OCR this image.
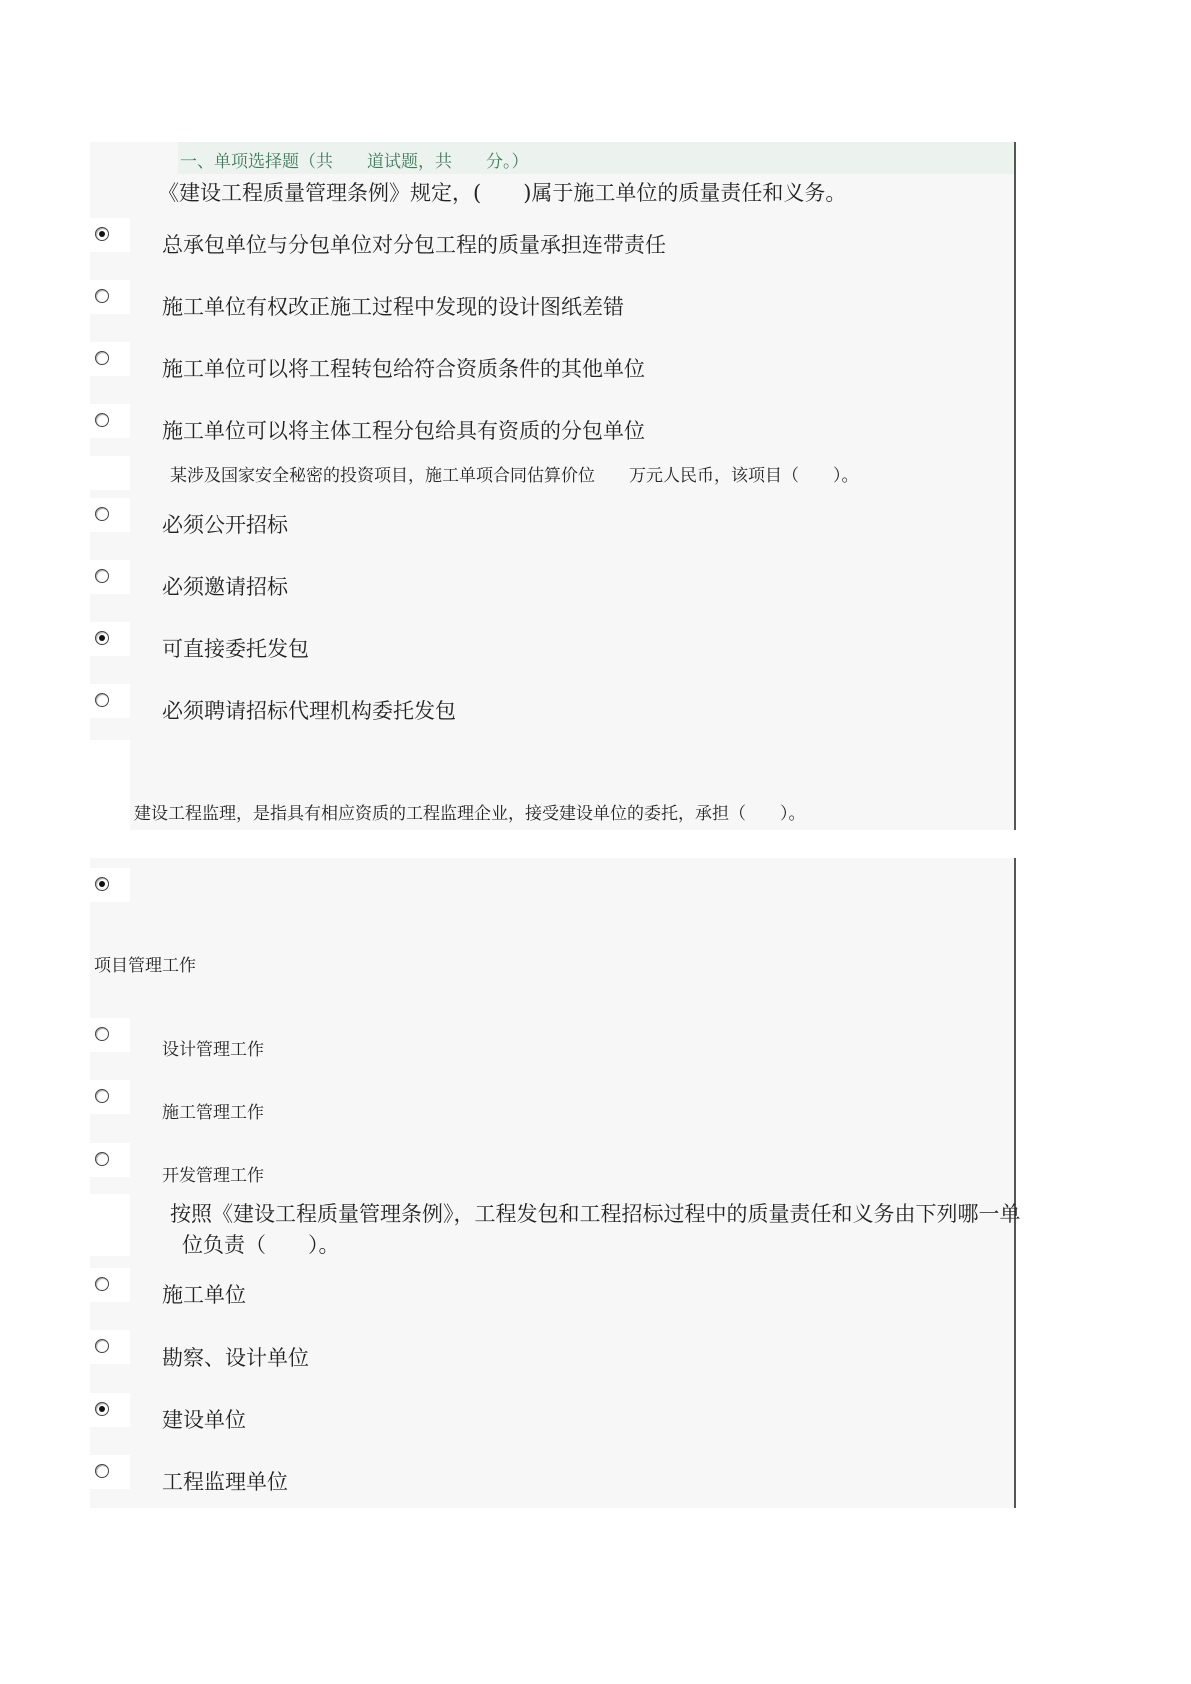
一、单项选择题（共　　道试题，共　　分。）
《建设工程质量管理条例》规定，(　　)属于施工单位的质量责任和义务。
总承包单位与分包单位对分包工程的质量承担连带责任
施工单位有权改正施工过程中发现的设计图纸差错
施工单位可以将工程转包给符合资质条件的其他单位
施工单位可以将主体工程分包给具有资质的分包单位
某涉及国家安全秘密的投资项目，施工单项合同估算价位　　万元人民币，该项目（　　）。
必须公开招标
必须邀请招标
可直接委托发包
必须聘请招标代理机构委托发包
建设工程监理，是指具有相应资质的工程监理企业，接受建设单位的委托，承担（　　）。
项目管理工作
设计管理工作
施工管理工作
开发管理工作
按照《建设工程质量管理条例》，工程发包和工程招标过程中的质量责任和义务由下列哪一单
位负责（　　）。
施工单位
勘察、设计单位
建设单位
工程监理单位
